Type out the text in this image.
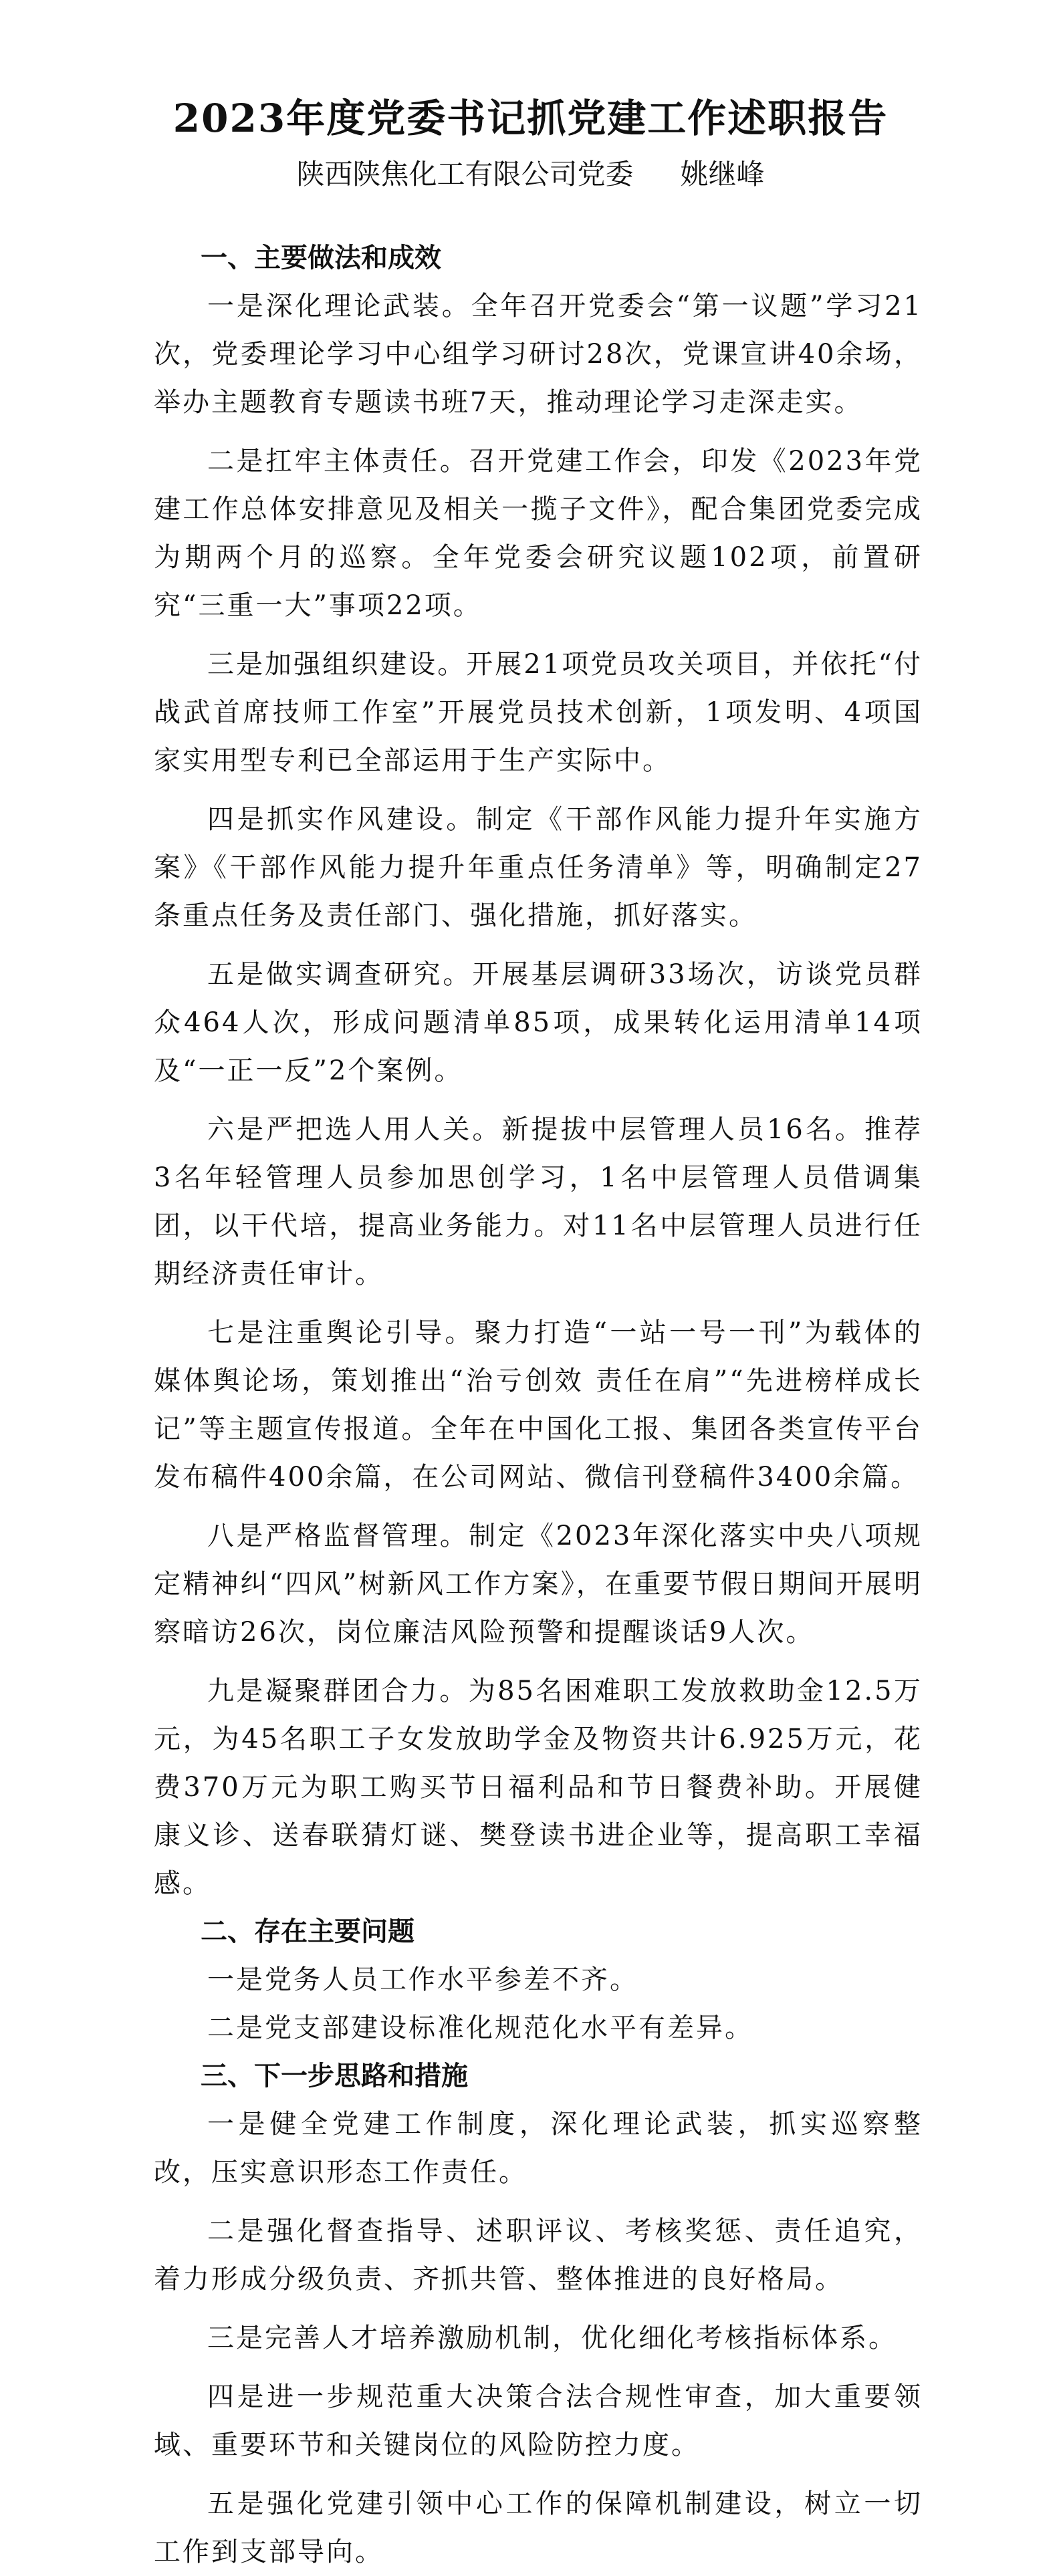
2023年度党委书记抓党建工作述职报告
陕西陕焦化工有限公司党委 姚继峰
一、主要做法和成效

一是深化理论武装。全年召开党委会“第一议题”学习21次，党委理论学习中心组学习研讨28次，党课宣讲40余场，举办主题教育专题读书班7天，推动理论学习走深走实。

二是扛牢主体责任。召开党建工作会，印发《2023年党建工作总体安排意见及相关一揽子文件》，配合集团党委完成为期两个月的巡察。全年党委会研究议题102项，前置研究“三重一大”事项22项。

三是加强组织建设。开展21项党员攻关项目，并依托“付战武首席技师工作室”开展党员技术创新，1项发明、4项国家实用型专利已全部运用于生产实际中。

四是抓实作风建设。制定《干部作风能力提升年实施方案》《干部作风能力提升年重点任务清单》等，明确制定27条重点任务及责任部门、强化措施，抓好落实。

五是做实调查研究。开展基层调研33场次，访谈党员群众464人次，形成问题清单85项，成果转化运用清单14项及“一正一反”2个案例。

六是严把选人用人关。新提拔中层管理人员16名。推荐3名年轻管理人员参加思创学习，1名中层管理人员借调集团，以干代培，提高业务能力。对11名中层管理人员进行任期经济责任审计。

七是注重舆论引导。聚力打造“一站一号一刊”为载体的媒体舆论场，策划推出“治亏创效 责任在肩”“先进榜样成长记”等主题宣传报道。全年在中国化工报、集团各类宣传平台发布稿件400余篇，在公司网站、微信刊登稿件3400余篇。

八是严格监督管理。制定《2023年深化落实中央八项规定精神纠“四风”树新风工作方案》，在重要节假日期间开展明察暗访26次，岗位廉洁风险预警和提醒谈话9人次。

九是凝聚群团合力。为85名困难职工发放救助金12.5万元，为45名职工子女发放助学金及物资共计6.925万元，花费370万元为职工购买节日福利品和节日餐费补助。开展健康义诊、送春联猜灯谜、樊登读书进企业等，提高职工幸福感。

二、存在主要问题

一是党务人员工作水平参差不齐。

二是党支部建设标准化规范化水平有差异。

三、下一步思路和措施

一是健全党建工作制度，深化理论武装，抓实巡察整改，压实意识形态工作责任。

二是强化督查指导、述职评议、考核奖惩、责任追究，着力形成分级负责、齐抓共管、整体推进的良好格局。

三是完善人才培养激励机制，优化细化考核指标体系。

四是进一步规范重大决策合法合规性审查，加大重要领域、重要环节和关键岗位的风险防控力度。

五是强化党建引领中心工作的保障机制建设，树立一切工作到支部导向。
